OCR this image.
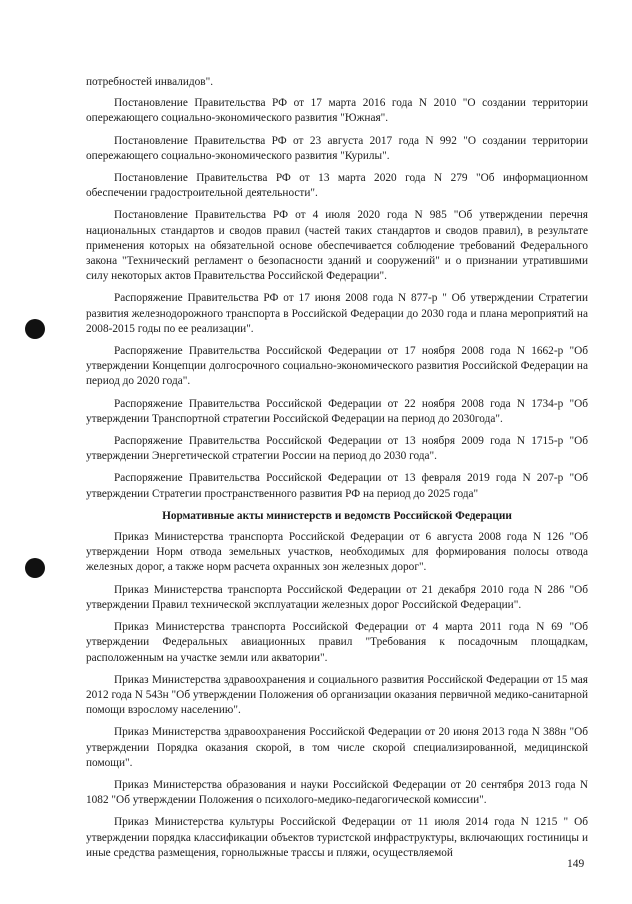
потребностей инвалидов".

Постановление Правительства РФ от 17 марта 2016 года N 2010 "О создании территории опережающего социально-экономического развития "Южная".

Постановление Правительства РФ от 23 августа 2017 года N 992 "О создании территории опережающего социально-экономического развития "Курилы".

Постановление Правительства РФ от 13 марта 2020 года N 279 "Об информационном обеспечении градостроительной деятельности".

Постановление Правительства РФ от 4 июля 2020 года N 985 "Об утверждении перечня национальных стандартов и сводов правил (частей таких стандартов и сводов правил), в результате применения которых на обязательной основе обеспечивается соблюдение требований Федерального закона "Технический регламент о безопасности зданий и сооружений" и о признании утратившими силу некоторых актов Правительства Российской Федерации".

Распоряжение Правительства РФ от 17 июня 2008 года N 877-р " Об утверждении Стратегии развития железнодорожного транспорта в Российской Федерации до 2030 года и плана мероприятий на 2008-2015 годы по ее реализации".

Распоряжение Правительства Российской Федерации от 17 ноября 2008 года N 1662-р "Об утверждении Концепции долгосрочного социально-экономического развития Российской Федерации на период до 2020 года".

Распоряжение Правительства Российской Федерации от 22 ноября 2008 года N 1734-р "Об утверждении Транспортной стратегии Российской Федерации на период до 2030года".

Распоряжение Правительства Российской Федерации от 13 ноября 2009 года N 1715-р "Об утверждении Энергетической стратегии России на период до 2030 года".

Распоряжение Правительства Российской Федерации от 13 февраля 2019 года N 207-р "Об утверждении Стратегии пространственного развития РФ на период до 2025 года"

Нормативные акты министерств и ведомств Российской Федерации

Приказ Министерства транспорта Российской Федерации от 6 августа 2008 года N 126 "Об утверждении Норм отвода земельных участков, необходимых для формирования полосы отвода железных дорог, а также норм расчета охранных зон железных дорог".

Приказ Министерства транспорта Российской Федерации от 21 декабря 2010 года N 286 "Об утверждении Правил технической эксплуатации железных дорог Российской Федерации".

Приказ Министерства транспорта Российской Федерации от 4 марта 2011 года N 69 "Об утверждении Федеральных авиационных правил "Требования к посадочным площадкам, расположенным на участке земли или акватории".

Приказ Министерства здравоохранения и социального развития Российской Федерации от 15 мая 2012 года N 543н "Об утверждении Положения об организации оказания первичной медико-санитарной помощи взрослому населению".

Приказ Министерства здравоохранения Российской Федерации от 20 июня 2013 года N 388н "Об утверждении Порядка оказания скорой, в том числе скорой специализированной, медицинской помощи".

Приказ Министерства образования и науки Российской Федерации от 20 сентября 2013 года N 1082 "Об утверждении Положения о психолого-медико-педагогической комиссии".

Приказ Министерства культуры Российской Федерации от 11 июля 2014 года N 1215 " Об утверждении порядка классификации объектов туристской инфраструктуры, включающих гостиницы и иные средства размещения, горнолыжные трассы и пляжи, осуществляемой

149
